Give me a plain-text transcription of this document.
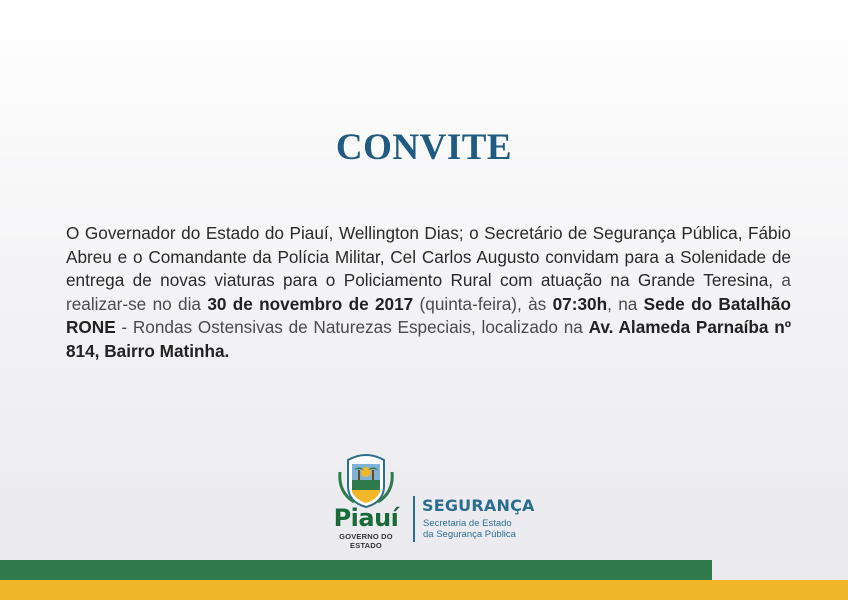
CONVITE
O Governador do Estado do Piauí, Wellington Dias; o Secretário de Segurança Pública, Fábio Abreu e o Comandante da Polícia Militar, Cel Carlos Augusto convidam para a Solenidade de entrega de novas viaturas para o Policiamento Rural com atuação na Grande Teresina, a realizar-se no dia 30 de novembro de 2017 (quinta-feira), às 07:30h, na Sede do Batalhão RONE - Rondas Ostensivas de Naturezas Especiais, localizado na Av. Alameda Parnaíba nº 814, Bairro Matinha.
Piauí
GOVERNO DO ESTADO
SEGURANÇA
Secretaria de Estado
da Segurança Pública
